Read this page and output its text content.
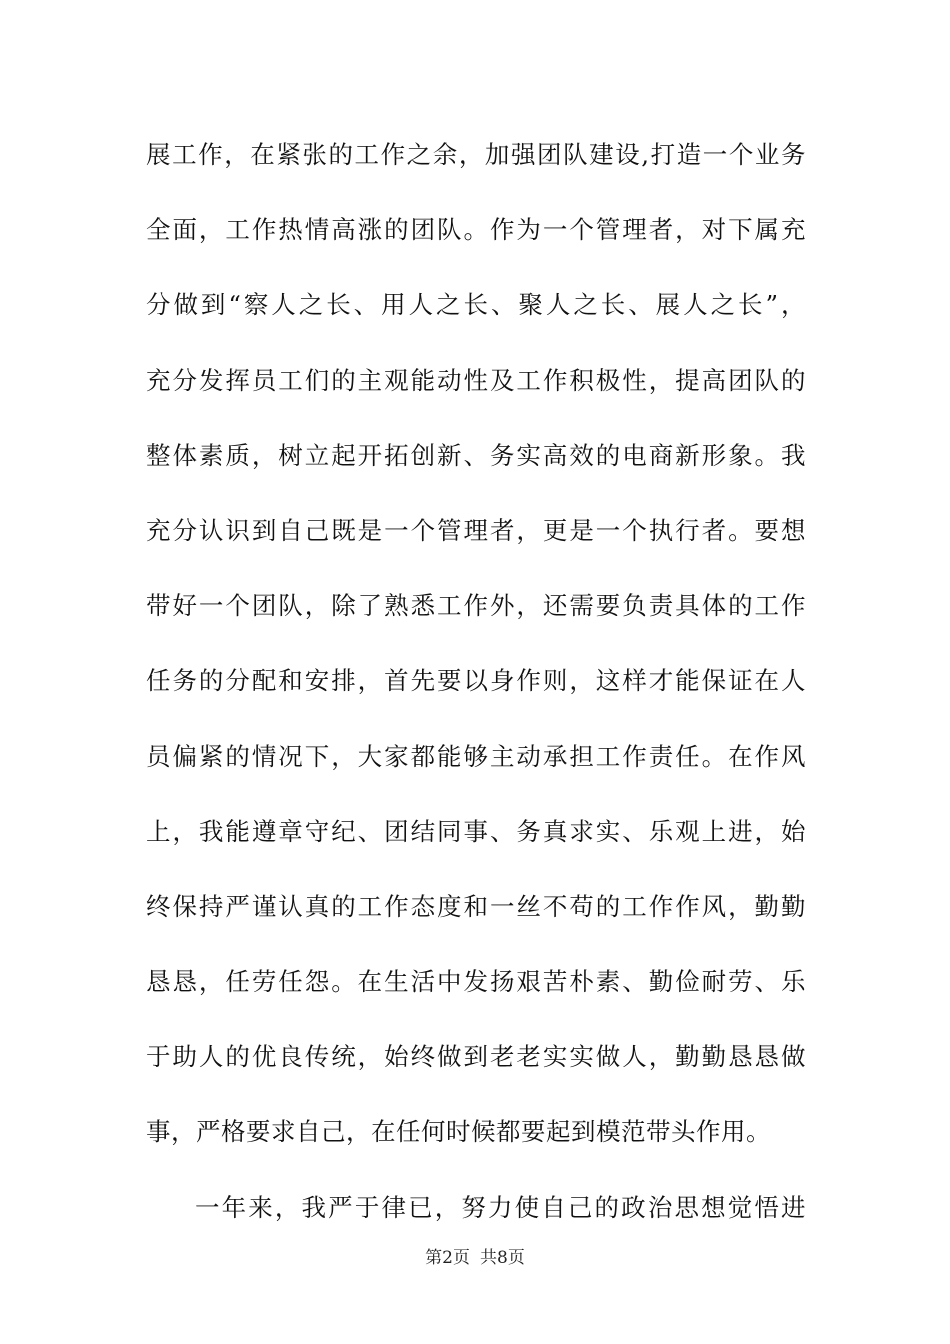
展工作，在紧张的工作之余，加强团队建设,打造一个业务
全面，工作热情高涨的团队。作为一个管理者，对下属充
分做到“察人之长、用人之长、聚人之长、展人之长”，
充分发挥员工们的主观能动性及工作积极性，提高团队的
整体素质，树立起开拓创新、务实高效的电商新形象。我
充分认识到自己既是一个管理者，更是一个执行者。要想
带好一个团队，除了熟悉工作外，还需要负责具体的工作
任务的分配和安排，首先要以身作则，这样才能保证在人
员偏紧的情况下，大家都能够主动承担工作责任。在作风
上，我能遵章守纪、团结同事、务真求实、乐观上进，始
终保持严谨认真的工作态度和一丝不苟的工作作风，勤勤
恳恳，任劳任怨。在生活中发扬艰苦朴素、勤俭耐劳、乐
于助人的优良传统，始终做到老老实实做人，勤勤恳恳做
事，严格要求自己，在任何时候都要起到模范带头作用。
一年来，我严于律已，努力使自己的政治思想觉悟进
第2页 共8页
